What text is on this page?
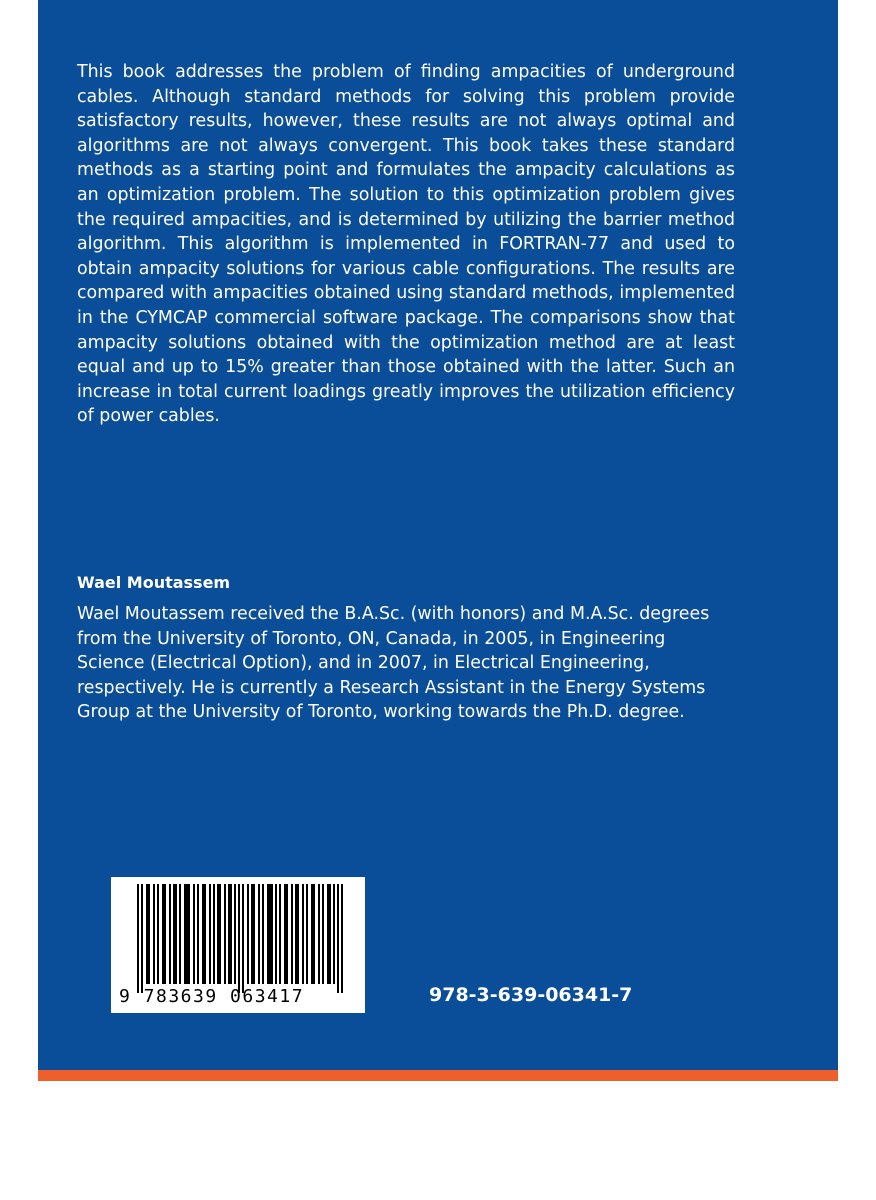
This book addresses the problem of finding ampacities of underground cables. Although standard methods for solving this problem provide satisfactory results, however, these results are not always optimal and algorithms are not always convergent. This book takes these standard methods as a starting point and formulates the ampacity calculations as an optimization problem. The solution to this optimization problem gives the required ampacities, and is determined by utilizing the barrier method algorithm. This algorithm is implemented in FORTRAN-77 and used to obtain ampacity solutions for various cable configurations. The results are compared with ampacities obtained using standard methods, implemented in the CYMCAP commercial software package. The comparisons show that ampacity solutions obtained with the optimization method are at least equal and up to 15% greater than those obtained with the latter. Such an increase in total current loadings greatly improves the utilization efficiency of power cables.

Wael Moutassem

Wael Moutassem received the B.A.Sc. (with honors) and M.A.Sc. degrees from the University of Toronto, ON, Canada, in 2005, in Engineering Science (Electrical Option), and in 2007, in Electrical Engineering, respectively. He is currently a Research Assistant in the Energy Systems Group at the University of Toronto, working towards the Ph.D. degree.

9 783639 063417	978-3-639-06341-7
